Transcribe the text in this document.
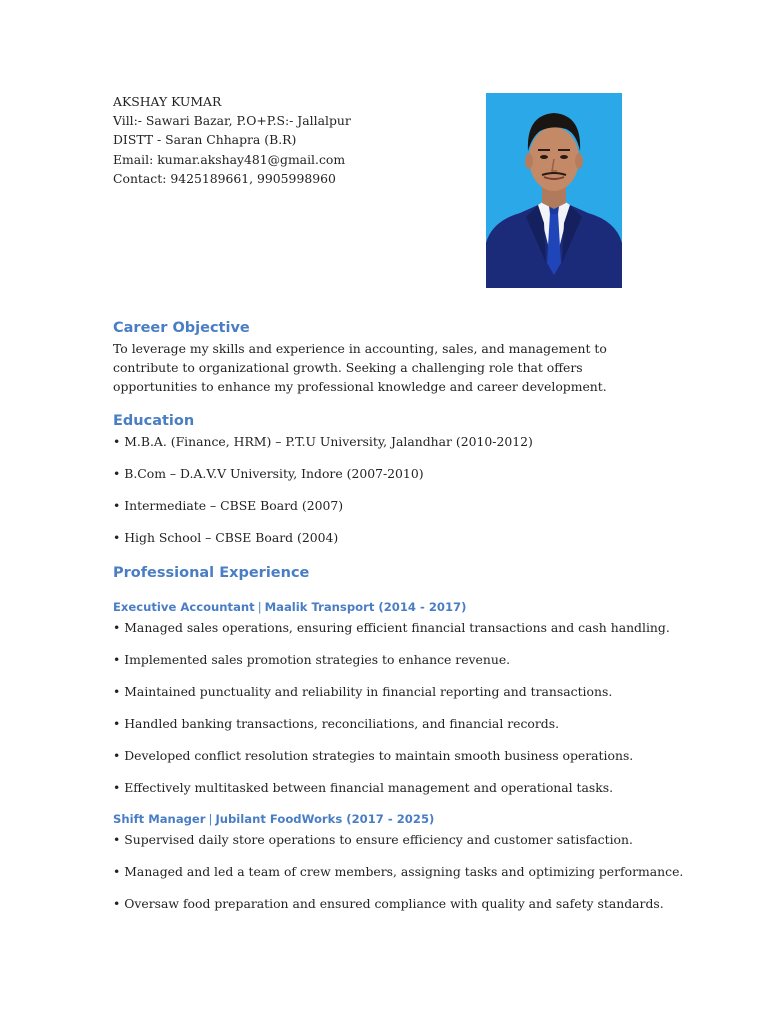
AKSHAY KUMAR
Vill:- Sawari Bazar, P.O+P.S:- Jallalpur
DISTT - Saran Chhapra (B.R)
Email: kumar.akshay481@gmail.com
Contact: 9425189661, 9905998960
Career Objective

To leverage my skills and experience in accounting, sales, and management to contribute to organizational growth. Seeking a challenging role that offers opportunities to enhance my professional knowledge and career development.

Education

• M.B.A. (Finance, HRM) – P.T.U University, Jalandhar (2010-2012)

• B.Com – D.A.V.V University, Indore (2007-2010)

• Intermediate – CBSE Board (2007)

• High School – CBSE Board (2004)

Professional Experience

Executive Accountant | Maalik Transport (2014 - 2017)

• Managed sales operations, ensuring efficient financial transactions and cash handling.

• Implemented sales promotion strategies to enhance revenue.

• Maintained punctuality and reliability in financial reporting and transactions.

• Handled banking transactions, reconciliations, and financial records.

• Developed conflict resolution strategies to maintain smooth business operations.

• Effectively multitasked between financial management and operational tasks.

Shift Manager | Jubilant FoodWorks (2017 - 2025)

• Supervised daily store operations to ensure efficiency and customer satisfaction.

• Managed and led a team of crew members, assigning tasks and optimizing performance.

• Oversaw food preparation and ensured compliance with quality and safety standards.
